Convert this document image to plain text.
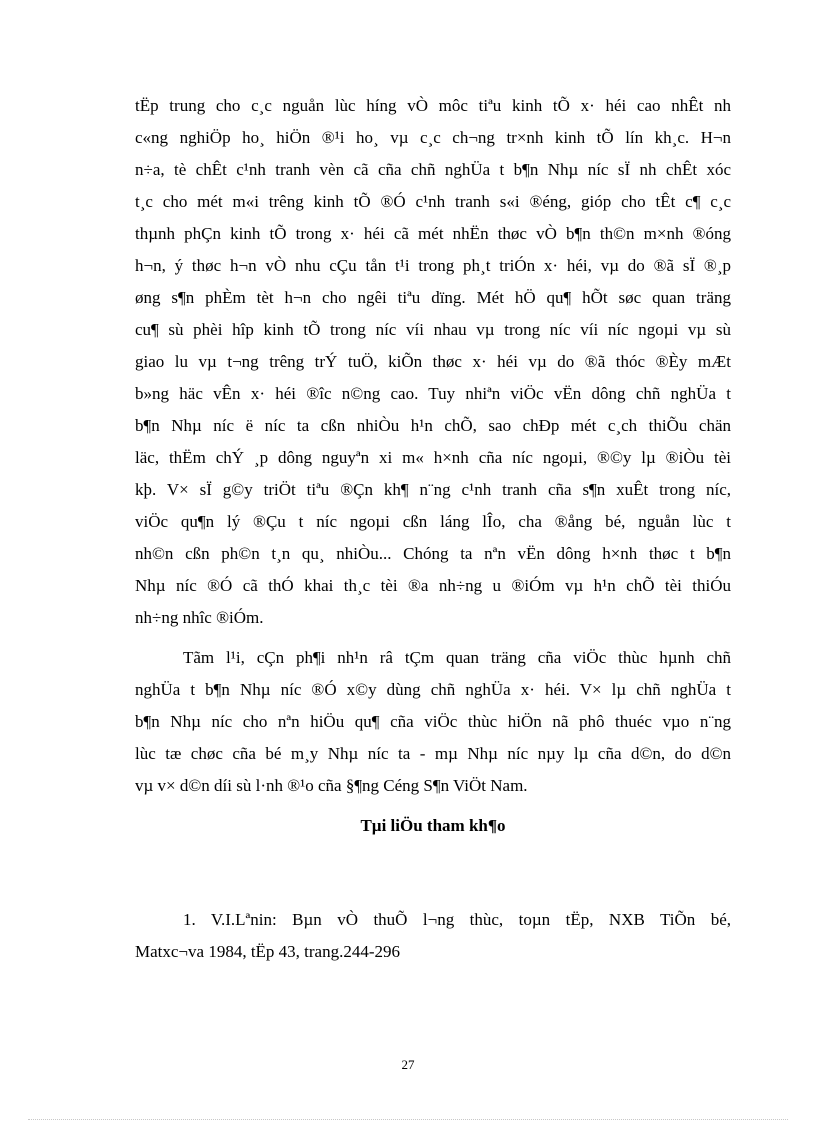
tËp trung cho c¸c nguån lùc híng vÒ môc tiªu kinh tÕ x· héi cao nhÊt nh
c«ng nghiÖp ho¸ hiÖn ®¹i ho¸ vµ c¸c ch¬ng tr×nh kinh tÕ lín kh¸c. H¬n
n÷a, tè chÊt c¹nh tranh vèn cã cña chñ nghÜa t b¶n Nhµ níc sÏ nh chÊt xóc
t¸c cho mét m«i trêng kinh tÕ ®Ó c¹nh tranh s«i ®éng, gióp cho tÊt c¶ c¸c
thµnh phÇn kinh tÕ trong x· héi cã mét nhËn thøc vÒ b¶n th©n m×nh ®óng
h¬n, ý thøc h¬n vÒ nhu cÇu tån t¹i trong ph¸t triÓn x· héi, vµ do ®ã sÏ ®¸p
øng s¶n phÈm tèt h¬n cho ngêi tiªu dïng. Mét hÖ qu¶ hÕt søc quan träng
cu¶ sù phèi hîp kinh tÕ trong níc víi nhau vµ trong níc víi níc ngoµi vµ sù
giao lu vµ t¬ng trêng trÝ tuÖ, kiÕn thøc x· héi vµ do ®ã thóc ®Èy mÆt
b»ng häc vÊn x· héi ®îc n©ng cao. Tuy nhiªn viÖc vËn dông chñ nghÜa t
b¶n Nhµ níc ë níc ta cßn nhiÒu h¹n chÕ, sao chÐp mét c¸ch thiÕu chän
läc, thËm chÝ ¸p dông nguyªn xi m« h×nh cña níc ngoµi, ®©y lµ ®iÒu tèi
kþ. V× sÏ g©y triÖt tiªu ®Çn kh¶ n¨ng c¹nh tranh cña s¶n xuÊt trong níc,
viÖc qu¶n lý ®Çu t níc ngoµi cßn láng lÎo, cha ®ång bé, nguån lùc t
nh©n cßn ph©n t¸n qu¸ nhiÒu... Chóng ta nªn vËn dông h×nh thøc t b¶n
Nhµ níc ®Ó cã thÓ khai th¸c tèi ®a nh÷ng u ®iÓm vµ h¹n chÕ tèi thiÓu
nh÷ng nhîc ®iÓm.
Tãm l¹i, cÇn ph¶i nh¹n râ tÇm quan träng cña viÖc thùc hµnh chñ
nghÜa t b¶n Nhµ níc ®Ó x©y dùng chñ nghÜa x· héi. V× lµ chñ nghÜa t
b¶n Nhµ níc cho nªn hiÖu qu¶ cña viÖc thùc hiÖn nã phô thuéc vµo n¨ng
lùc tæ chøc cña bé m¸y Nhµ níc ta - mµ Nhµ níc nµy lµ cña d©n, do d©n
vµ v× d©n díi sù l·nh ®¹o cña §¶ng Céng S¶n ViÖt Nam.

Tµi liÖu tham kh¶o

1. V.I.Lªnin: Bµn vÒ thuÕ l¬ng thùc, toµn tËp, NXB TiÕn bé,
Matxc¬va 1984, tËp 43, trang.244-296
27
